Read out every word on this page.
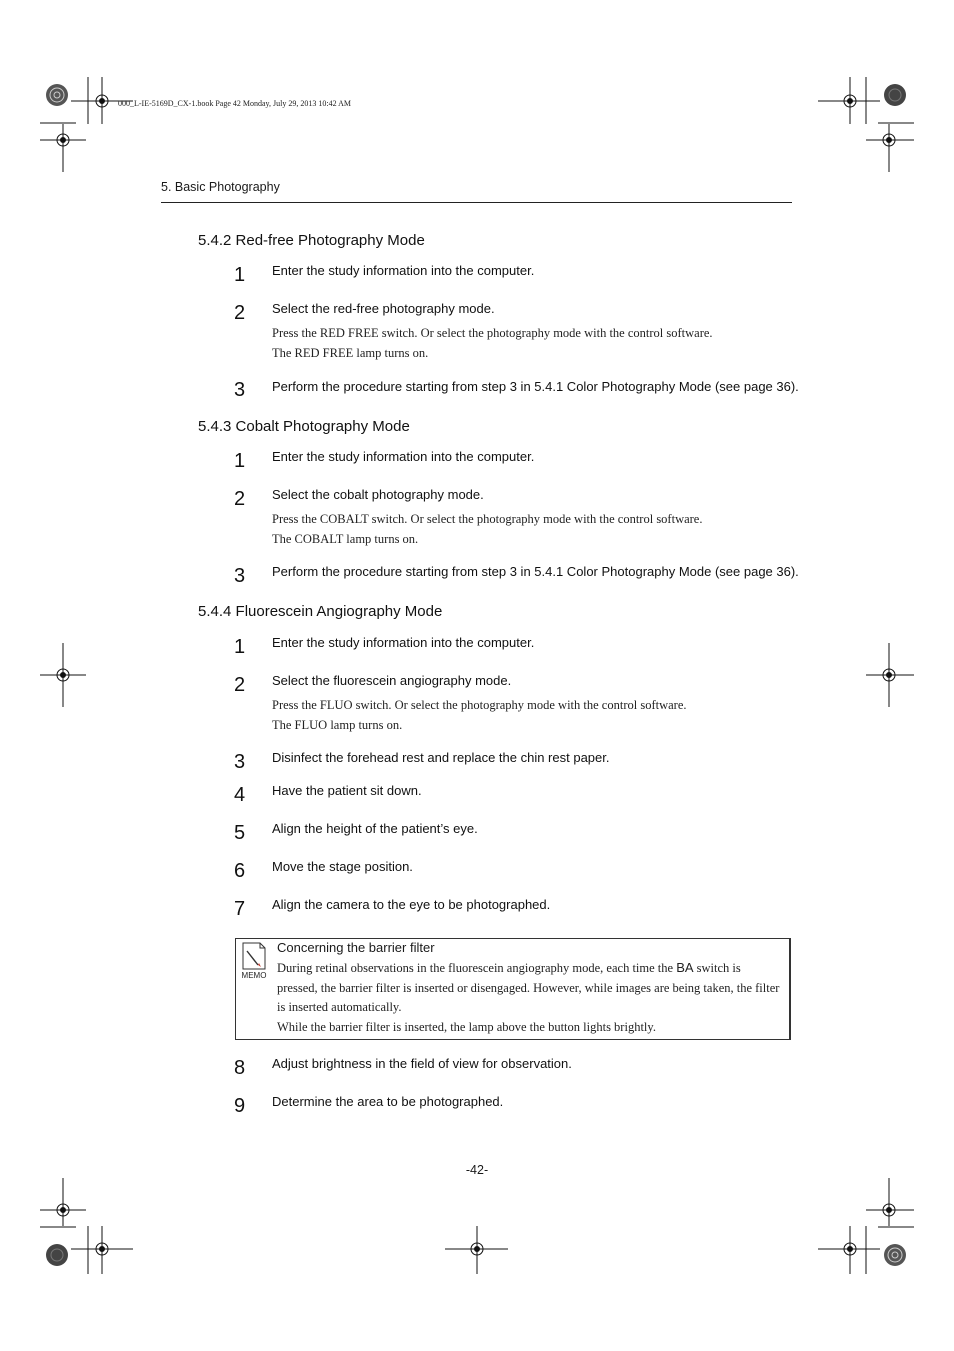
000_L-IE-5169D_CX-1.book Page 42 Monday, July 29, 2013 10:42 AM
5. Basic Photography
5.4.2 Red-free Photography Mode
1 Enter the study information into the computer.
2 Select the red-free photography mode.
Press the RED FREE switch. Or select the photography mode with the control software.
The RED FREE lamp turns on.
3 Perform the procedure starting from step 3 in 5.4.1 Color Photography Mode (see page 36).
5.4.3 Cobalt Photography Mode
1 Enter the study information into the computer.
2 Select the cobalt photography mode.
Press the COBALT switch. Or select the photography mode with the control software.
The COBALT lamp turns on.
3 Perform the procedure starting from step 3 in 5.4.1 Color Photography Mode (see page 36).
5.4.4 Fluorescein Angiography Mode
1 Enter the study information into the computer.
2 Select the fluorescein angiography mode.
Press the FLUO switch. Or select the photography mode with the control software.
The FLUO lamp turns on.
3 Disinfect the forehead rest and replace the chin rest paper.
4 Have the patient sit down.
5 Align the height of the patient’s eye.
6 Move the stage position.
7 Align the camera to the eye to be photographed.
MEMO
Concerning the barrier filter

During retinal observations in the fluorescein angiography mode, each time the BA switch is pressed, the barrier filter is inserted or disengaged. However, while images are being taken, the filter is inserted automatically.

While the barrier filter is inserted, the lamp above the button lights brightly.

8 Adjust brightness in the field of view for observation.
9 Determine the area to be photographed.
-42-
